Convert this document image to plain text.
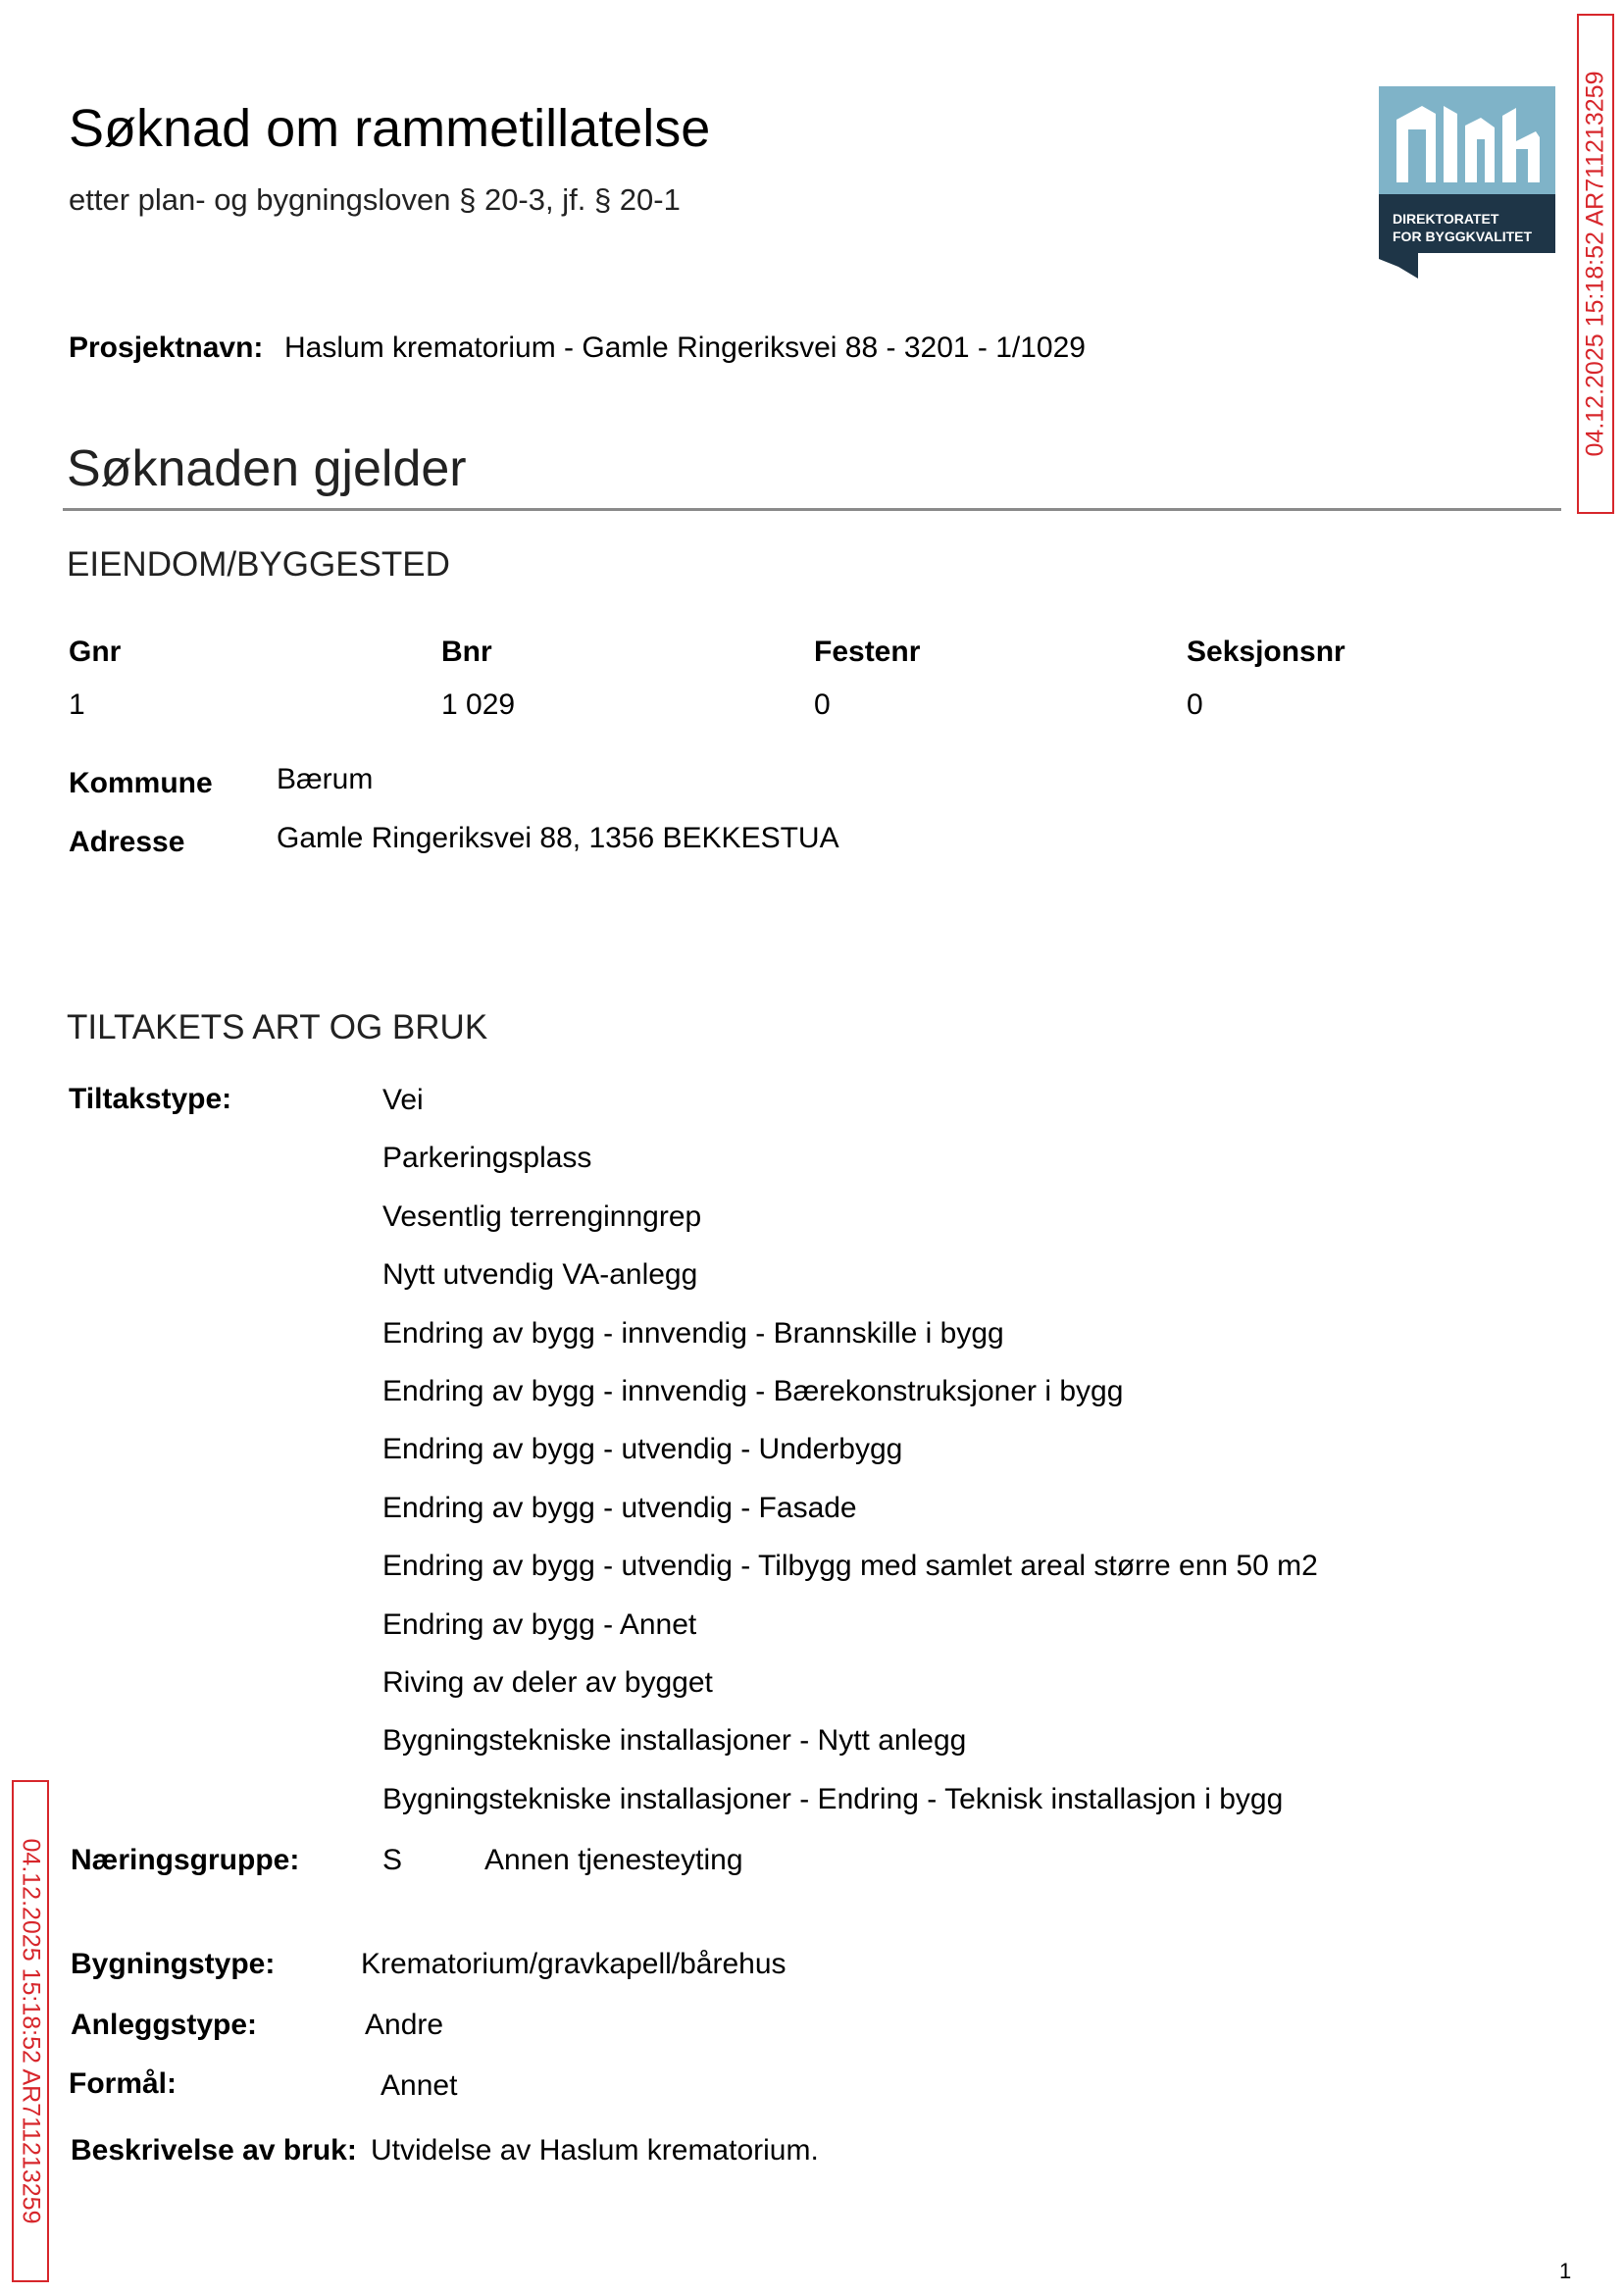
Søknad om rammetillatelse
etter plan- og bygningsloven § 20-3, jf. § 20-1
DIREKTORATET
FOR BYGGKVALITET 04.12.2025 15:18:52 AR711213259
04.12.2025 15:18:52 AR711213259
Prosjektnavn: Haslum krematorium - Gamle Ringeriksvei 88 - 3201 - 1/1029
Søknaden gjelder
EIENDOM/BYGGESTED
Gnr	Bnr	Festenr	Seksjonsnr
1	1 029	0	0
Kommune Bærum
Adresse	Gamle Ringeriksvei 88, 1356 BEKKESTUA
TILTAKETS ART OG BRUK
Tiltakstype:	Vei
Parkeringsplass
Vesentlig terrenginngrep
Nytt utvendig VA-anlegg
Endring av bygg - innvendig - Brannskille i bygg
Endring av bygg - innvendig - Bærekonstruksjoner i bygg
Endring av bygg - utvendig - Underbygg
Endring av bygg - utvendig - Fasade
Endring av bygg - utvendig - Tilbygg med samlet areal større enn 50 m2
Endring av bygg - Annet
Riving av deler av bygget
Bygningstekniske installasjoner - Nytt anlegg
Bygningstekniske installasjoner - Endring - Teknisk installasjon i bygg
Næringsgruppe:	S	Annen tjenesteyting
Bygningstype:	Krematorium/gravkapell/bårehus
Anleggstype:	Andre
Formål:	Annet
Beskrivelse av bruk: Utvidelse av Haslum krematorium.
1
